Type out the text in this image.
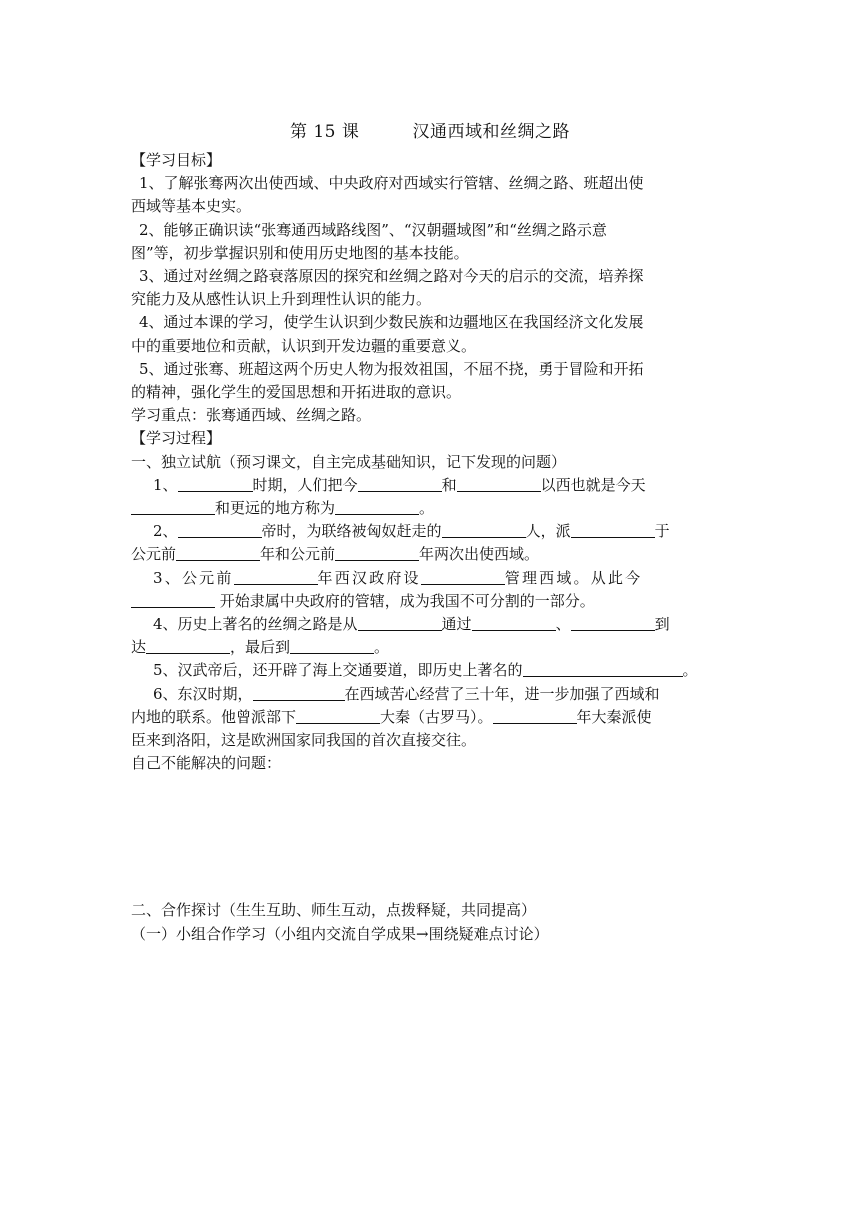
第 15 课	汉通西域和丝绸之路

【学习目标】

1、了解张骞两次出使西域、中央政府对西域实行管辖、丝绸之路、班超出使

西域等基本史实。

2、能够正确识读“张骞通西域路线图”、“汉朝疆域图”和“丝绸之路示意

图”等，初步掌握识别和使用历史地图的基本技能。

3、通过对丝绸之路衰落原因的探究和丝绸之路对今天的启示的交流，培养探

究能力及从感性认识上升到理性认识的能力。

4、通过本课的学习，使学生认识到少数民族和边疆地区在我国经济文化发展

中的重要地位和贡献，认识到开发边疆的重要意义。

5、通过张骞、班超这两个历史人物为报效祖国，不屈不挠，勇于冒险和开拓

的精神，强化学生的爱国思想和开拓进取的意识。

学习重点：张骞通西域、丝绸之路。

【学习过程】

一、独立试航（预习课文，自主完成基础知识，记下发现的问题）

1、	时期，人们把今	和	以西也就是今天

和更远的地方称为	。

2、	帝时，为联络被匈奴赶走的	人，派	于

公元前	年和公元前	年两次出使西域。

3、公元前	年西汉政府设	管理西域。从此今

开始隶属中央政府的管辖，成为我国不可分割的一部分。

4、历史上著名的丝绸之路是从	通过	、	到

达	，最后到	。

5、汉武帝后，还开辟了海上交通要道，即历史上著名的	。

6、东汉时期，	在西域苦心经营了三十年，进一步加强了西域和

内地的联系。他曾派部下	大秦（古罗马）。	年大秦派使

臣来到洛阳，这是欧洲国家同我国的首次直接交往。

自己不能解决的问题：

二、合作探讨（生生互助、师生互动，点拨释疑，共同提高）

（一）小组合作学习（小组内交流自学成果→围绕疑难点讨论）
